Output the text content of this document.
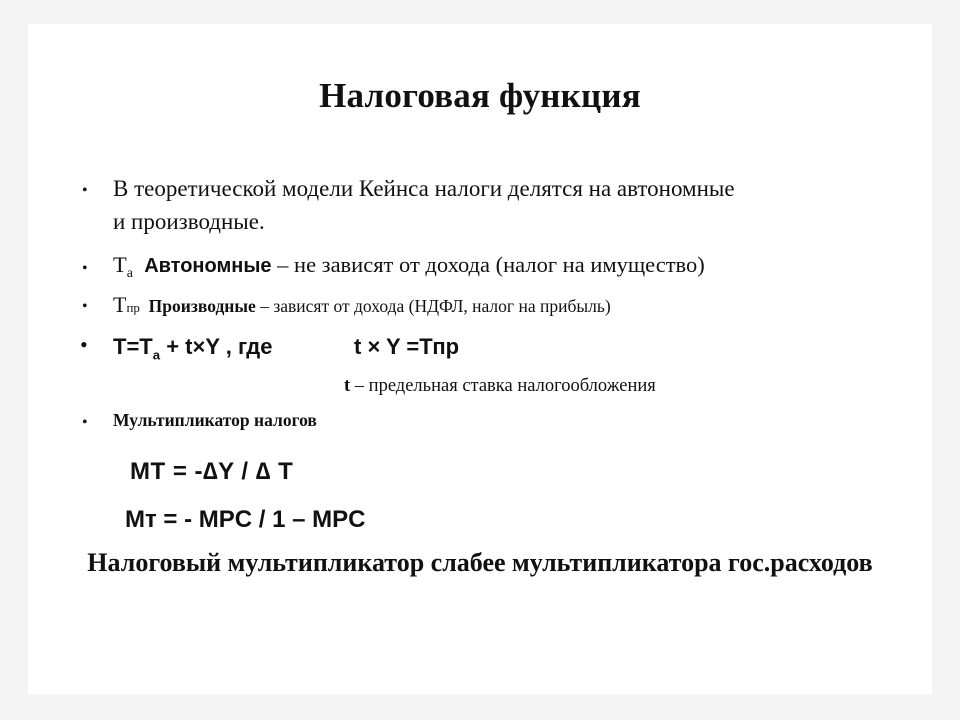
Налоговая функция
• В теоретической модели Кейнса налоги делятся на автономные
и производные.
• $T_а$ Автономные – не зависят от дохода (налог на имущество)
• Tпр Производные – зависят от дохода (НДФЛ, налог на прибыль)
• $T=T_a + t\times Y$ , где	t × Y =Тпр
t – предельная ставка налогообложения
• Мультипликатор налогов
MT = -∆Y / ∆ T
Мт = - MPC / 1 – MPC
Налоговый мультипликатор слабее мультипликатора гос.расходов
